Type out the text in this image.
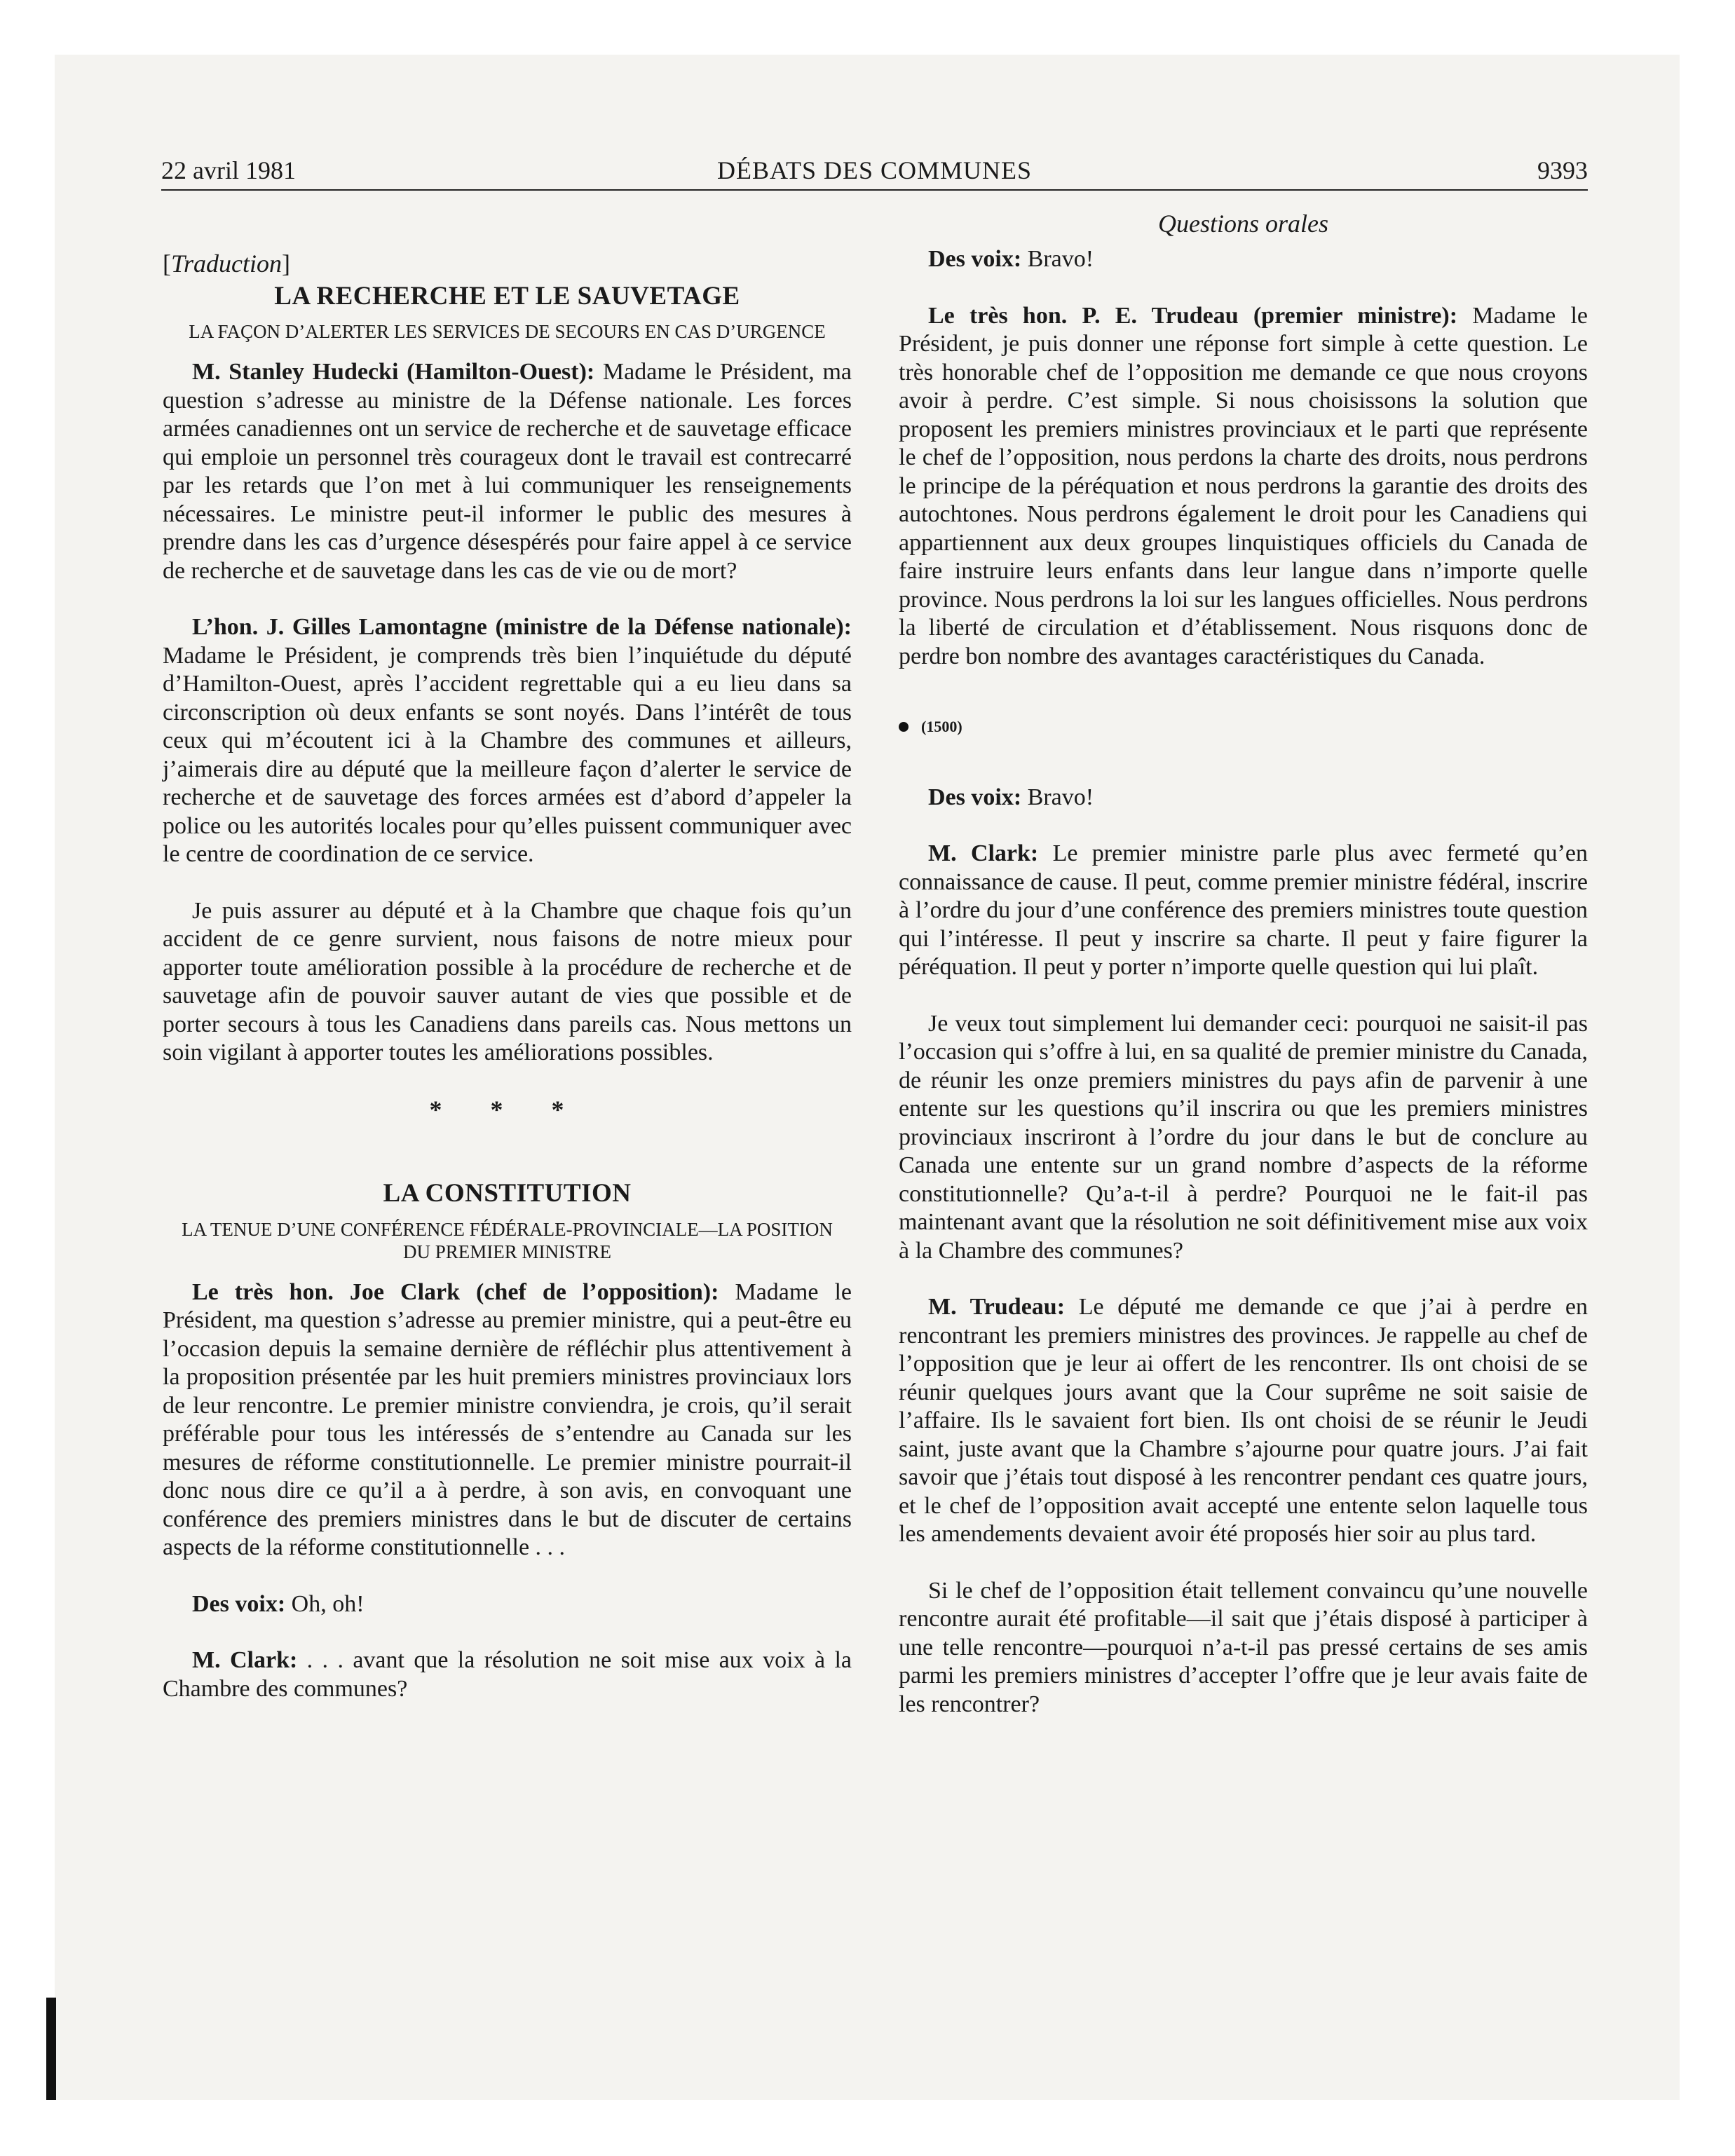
22 avril 1981	DÉBATS DES COMMUNES	9393
Questions orales

[Traduction]

LA RECHERCHE ET LE SAUVETAGE
LA FAÇON D’ALERTER LES SERVICES DE SECOURS EN CAS D’URGENCE

M. Stanley Hudecki (Hamilton-Ouest): Madame le Président, ma question s’adresse au ministre de la Défense nationale. Les forces armées canadiennes ont un service de recherche et de sauvetage efficace qui emploie un personnel très courageux dont le travail est contrecarré par les retards que l’on met à lui communiquer les renseignements nécessaires. Le ministre peut-il informer le public des mesures à prendre dans les cas d’urgence désespérés pour faire appel à ce service de recherche et de sauvetage dans les cas de vie ou de mort?

L’hon. J. Gilles Lamontagne (ministre de la Défense nationale): Madame le Président, je comprends très bien l’inquiétude du député d’Hamilton-Ouest, après l’accident regrettable qui a eu lieu dans sa circonscription où deux enfants se sont noyés. Dans l’intérêt de tous ceux qui m’écoutent ici à la Chambre des communes et ailleurs, j’aimerais dire au député que la meilleure façon d’alerter le service de recherche et de sauvetage des forces armées est d’abord d’appeler la police ou les autorités locales pour qu’elles puissent communiquer avec le centre de coordination de ce service.

Je puis assurer au député et à la Chambre que chaque fois qu’un accident de ce genre survient, nous faisons de notre mieux pour apporter toute amélioration possible à la procédure de recherche et de sauvetage afin de pouvoir sauver autant de vies que possible et de porter secours à tous les Canadiens dans pareils cas. Nous mettons un soin vigilant à apporter toutes les améliorations possibles.

* * *
LA CONSTITUTION
LA TENUE D’UNE CONFÉRENCE FÉDÉRALE-PROVINCIALE—LA POSITION DU PREMIER MINISTRE

Le très hon. Joe Clark (chef de l’opposition): Madame le Président, ma question s’adresse au premier ministre, qui a peut-être eu l’occasion depuis la semaine dernière de réfléchir plus attentivement à la proposition présentée par les huit premiers ministres provinciaux lors de leur rencontre. Le premier ministre conviendra, je crois, qu’il serait préférable pour tous les intéressés de s’entendre au Canada sur les mesures de réforme constitutionnelle. Le premier ministre pourrait-il donc nous dire ce qu’il a à perdre, à son avis, en convoquant une conférence des premiers ministres dans le but de discuter de certains aspects de la réforme constitutionnelle . . .

Des voix: Oh, oh!

M. Clark: . . . avant que la résolution ne soit mise aux voix à la Chambre des communes?

Des voix: Bravo!

Le très hon. P. E. Trudeau (premier ministre): Madame le Président, je puis donner une réponse fort simple à cette question. Le très honorable chef de l’opposition me demande ce que nous croyons avoir à perdre. C’est simple. Si nous choisissons la solution que proposent les premiers ministres provinciaux et le parti que représente le chef de l’opposition, nous perdons la charte des droits, nous perdrons le principe de la péréquation et nous perdrons la garantie des droits des autochtones. Nous perdrons également le droit pour les Canadiens qui appartiennent aux deux groupes linquistiques officiels du Canada de faire instruire leurs enfants dans leur langue dans n’importe quelle province. Nous perdrons la loi sur les langues officielles. Nous perdrons la liberté de circulation et d’établissement. Nous risquons donc de perdre bon nombre des avantages caractéristiques du Canada.

(1500)

Des voix: Bravo!

M. Clark: Le premier ministre parle plus avec fermeté qu’en connaissance de cause. Il peut, comme premier ministre fédéral, inscrire à l’ordre du jour d’une conférence des premiers ministres toute question qui l’intéresse. Il peut y inscrire sa charte. Il peut y faire figurer la péréquation. Il peut y porter n’importe quelle question qui lui plaît.

Je veux tout simplement lui demander ceci: pourquoi ne saisit-il pas l’occasion qui s’offre à lui, en sa qualité de premier ministre du Canada, de réunir les onze premiers ministres du pays afin de parvenir à une entente sur les questions qu’il inscrira ou que les premiers ministres provinciaux inscriront à l’ordre du jour dans le but de conclure au Canada une entente sur un grand nombre d’aspects de la réforme constitutionnelle? Qu’a-t-il à perdre? Pourquoi ne le fait-il pas maintenant avant que la résolution ne soit définitivement mise aux voix à la Chambre des communes?

M. Trudeau: Le député me demande ce que j’ai à perdre en rencontrant les premiers ministres des provinces. Je rappelle au chef de l’opposition que je leur ai offert de les rencontrer. Ils ont choisi de se réunir quelques jours avant que la Cour suprême ne soit saisie de l’affaire. Ils le savaient fort bien. Ils ont choisi de se réunir le Jeudi saint, juste avant que la Chambre s’ajourne pour quatre jours. J’ai fait savoir que j’étais tout disposé à les rencontrer pendant ces quatre jours, et le chef de l’opposition avait accepté une entente selon laquelle tous les amendements devaient avoir été proposés hier soir au plus tard.

Si le chef de l’opposition était tellement convaincu qu’une nouvelle rencontre aurait été profitable—il sait que j’étais disposé à participer à une telle rencontre—pourquoi n’a-t-il pas pressé certains de ses amis parmi les premiers ministres d’accepter l’offre que je leur avais faite de les rencontrer?
